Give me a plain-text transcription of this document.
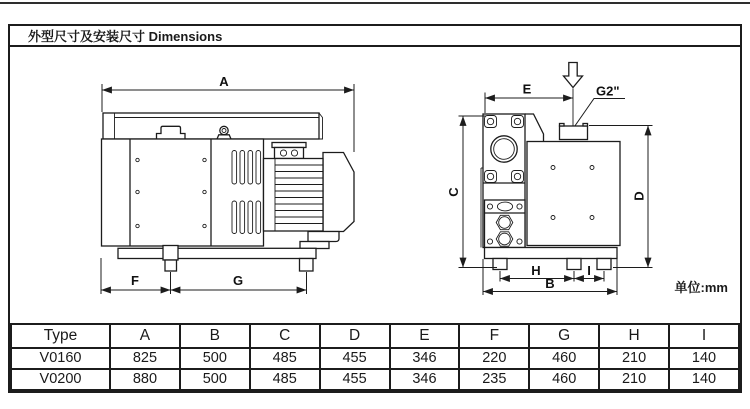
外型尺寸及安装尺寸 Dimensions
Type	A	B	C	D	E	F	G	H	I
V0160	825	500	485	455	346	220	460	210	140
V0200	880	500	485	455	346	235	460	210	140
A
F	G
G2"
E
C	D
H	I
B	单位:mm
